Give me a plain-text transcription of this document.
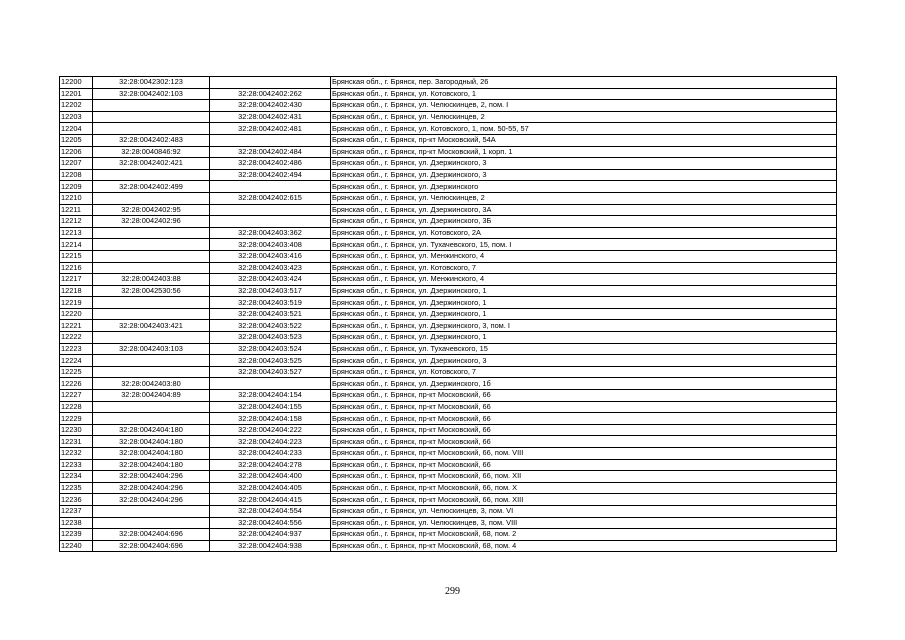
12200	32:28:0042302:123		Брянская обл., г. Брянск, пер. Загородный, 26
12201	32:28:0042402:103	32:28:0042402:262	Брянская обл., г. Брянск, ул. Котовского, 1
12202		32:28:0042402:430	Брянская обл., г. Брянск, ул. Челюскинцев, 2, пом. I
12203		32:28:0042402:431	Брянская обл., г. Брянск, ул. Челюскинцев, 2
12204		32:28:0042402:481	Брянская обл., г. Брянск, ул. Котовского, 1, пом. 50-55, 57
12205	32:28:0042402:483		Брянская обл., г. Брянск, пр-кт Московский, 54А
12206	32:28:0040846:92	32:28:0042402:484	Брянская обл., г. Брянск, пр-кт Московский, 1 корп. 1
12207	32:28:0042402:421	32:28:0042402:486	Брянская обл., г. Брянск, ул. Дзержинского, 3
12208		32:28:0042402:494	Брянская обл., г. Брянск, ул. Дзержинского, 3
12209	32:28:0042402:499		Брянская обл., г. Брянск, ул. Дзержинского
12210		32:28:0042402:615	Брянская обл., г. Брянск, ул. Челюскинцев, 2
12211	32:28:0042402:95		Брянская обл., г. Брянск, ул. Дзержинского, 3А
12212	32:28:0042402:96		Брянская обл., г. Брянск, ул. Дзержинского, 3Б
12213		32:28:0042403:362	Брянская обл., г. Брянск, ул. Котовского, 2А
12214		32:28:0042403:408	Брянская обл., г. Брянск, ул. Тухачевского, 15, пом. I
12215		32:28:0042403:416	Брянская обл., г. Брянск, ул. Менжинского, 4
12216		32:28:0042403:423	Брянская обл., г. Брянск, ул. Котовского, 7
12217	32:28:0042403:88	32:28:0042403:424	Брянская обл., г. Брянск, ул. Менжинского, 4
12218	32:28:0042530:56	32:28:0042403:517	Брянская обл., г. Брянск, ул. Дзержинского, 1
12219		32:28:0042403:519	Брянская обл., г. Брянск, ул. Дзержинского, 1
12220		32:28:0042403:521	Брянская обл., г. Брянск, ул. Дзержинского, 1
12221	32:28:0042403:421	32:28:0042403:522	Брянская обл., г. Брянск, ул. Дзержинского, 3, пом. I
12222		32:28:0042403:523	Брянская обл., г. Брянск, ул. Дзержинского, 1
12223	32:28:0042403:103	32:28:0042403:524	Брянская обл., г. Брянск, ул. Тухачевского, 15
12224		32:28:0042403:525	Брянская обл., г. Брянск, ул. Дзержинского, 3
12225		32:28:0042403:527	Брянская обл., г. Брянск, ул. Котовского, 7
12226	32:28:0042403:80		Брянская обл., г. Брянск, ул. Дзержинского, 1б
12227	32:28:0042404:89	32:28:0042404:154	Брянская обл., г. Брянск, пр-кт Московский, 66
12228		32:28:0042404:155	Брянская обл., г. Брянск, пр-кт Московский, 66
12229		32:28:0042404:158	Брянская обл., г. Брянск, пр-кт Московский, 66
12230	32:28:0042404:180	32:28:0042404:222	Брянская обл., г. Брянск, пр-кт Московский, 66
12231	32:28:0042404:180	32:28:0042404:223	Брянская обл., г. Брянск, пр-кт Московский, 66
12232	32:28:0042404:180	32:28:0042404:233	Брянская обл., г. Брянск, пр-кт Московский, 66, пом. VIII
12233	32:28:0042404:180	32:28:0042404:278	Брянская обл., г. Брянск, пр-кт Московский, 66
12234	32:28:0042404:296	32:28:0042404:400	Брянская обл., г. Брянск, пр-кт Московский, 66, пом. XII
12235	32:28:0042404:296	32:28:0042404:405	Брянская обл., г. Брянск, пр-кт Московский, 66, пом. X
12236	32:28:0042404:296	32:28:0042404:415	Брянская обл., г. Брянск, пр-кт Московский, 66, пом. XIII
12237		32:28:0042404:554	Брянская обл., г. Брянск, ул. Челюскинцев, 3, пом. VI
12238		32:28:0042404:556	Брянская обл., г. Брянск, ул. Челюскинцев, 3, пом. VIII
12239	32:28:0042404:696	32:28:0042404:937	Брянская обл., г. Брянск, пр-кт Московский, 68, пом. 2
12240	32:28:0042404:696	32:28:0042404:938	Брянская обл., г. Брянск, пр-кт Московский, 68, пом. 4
299
